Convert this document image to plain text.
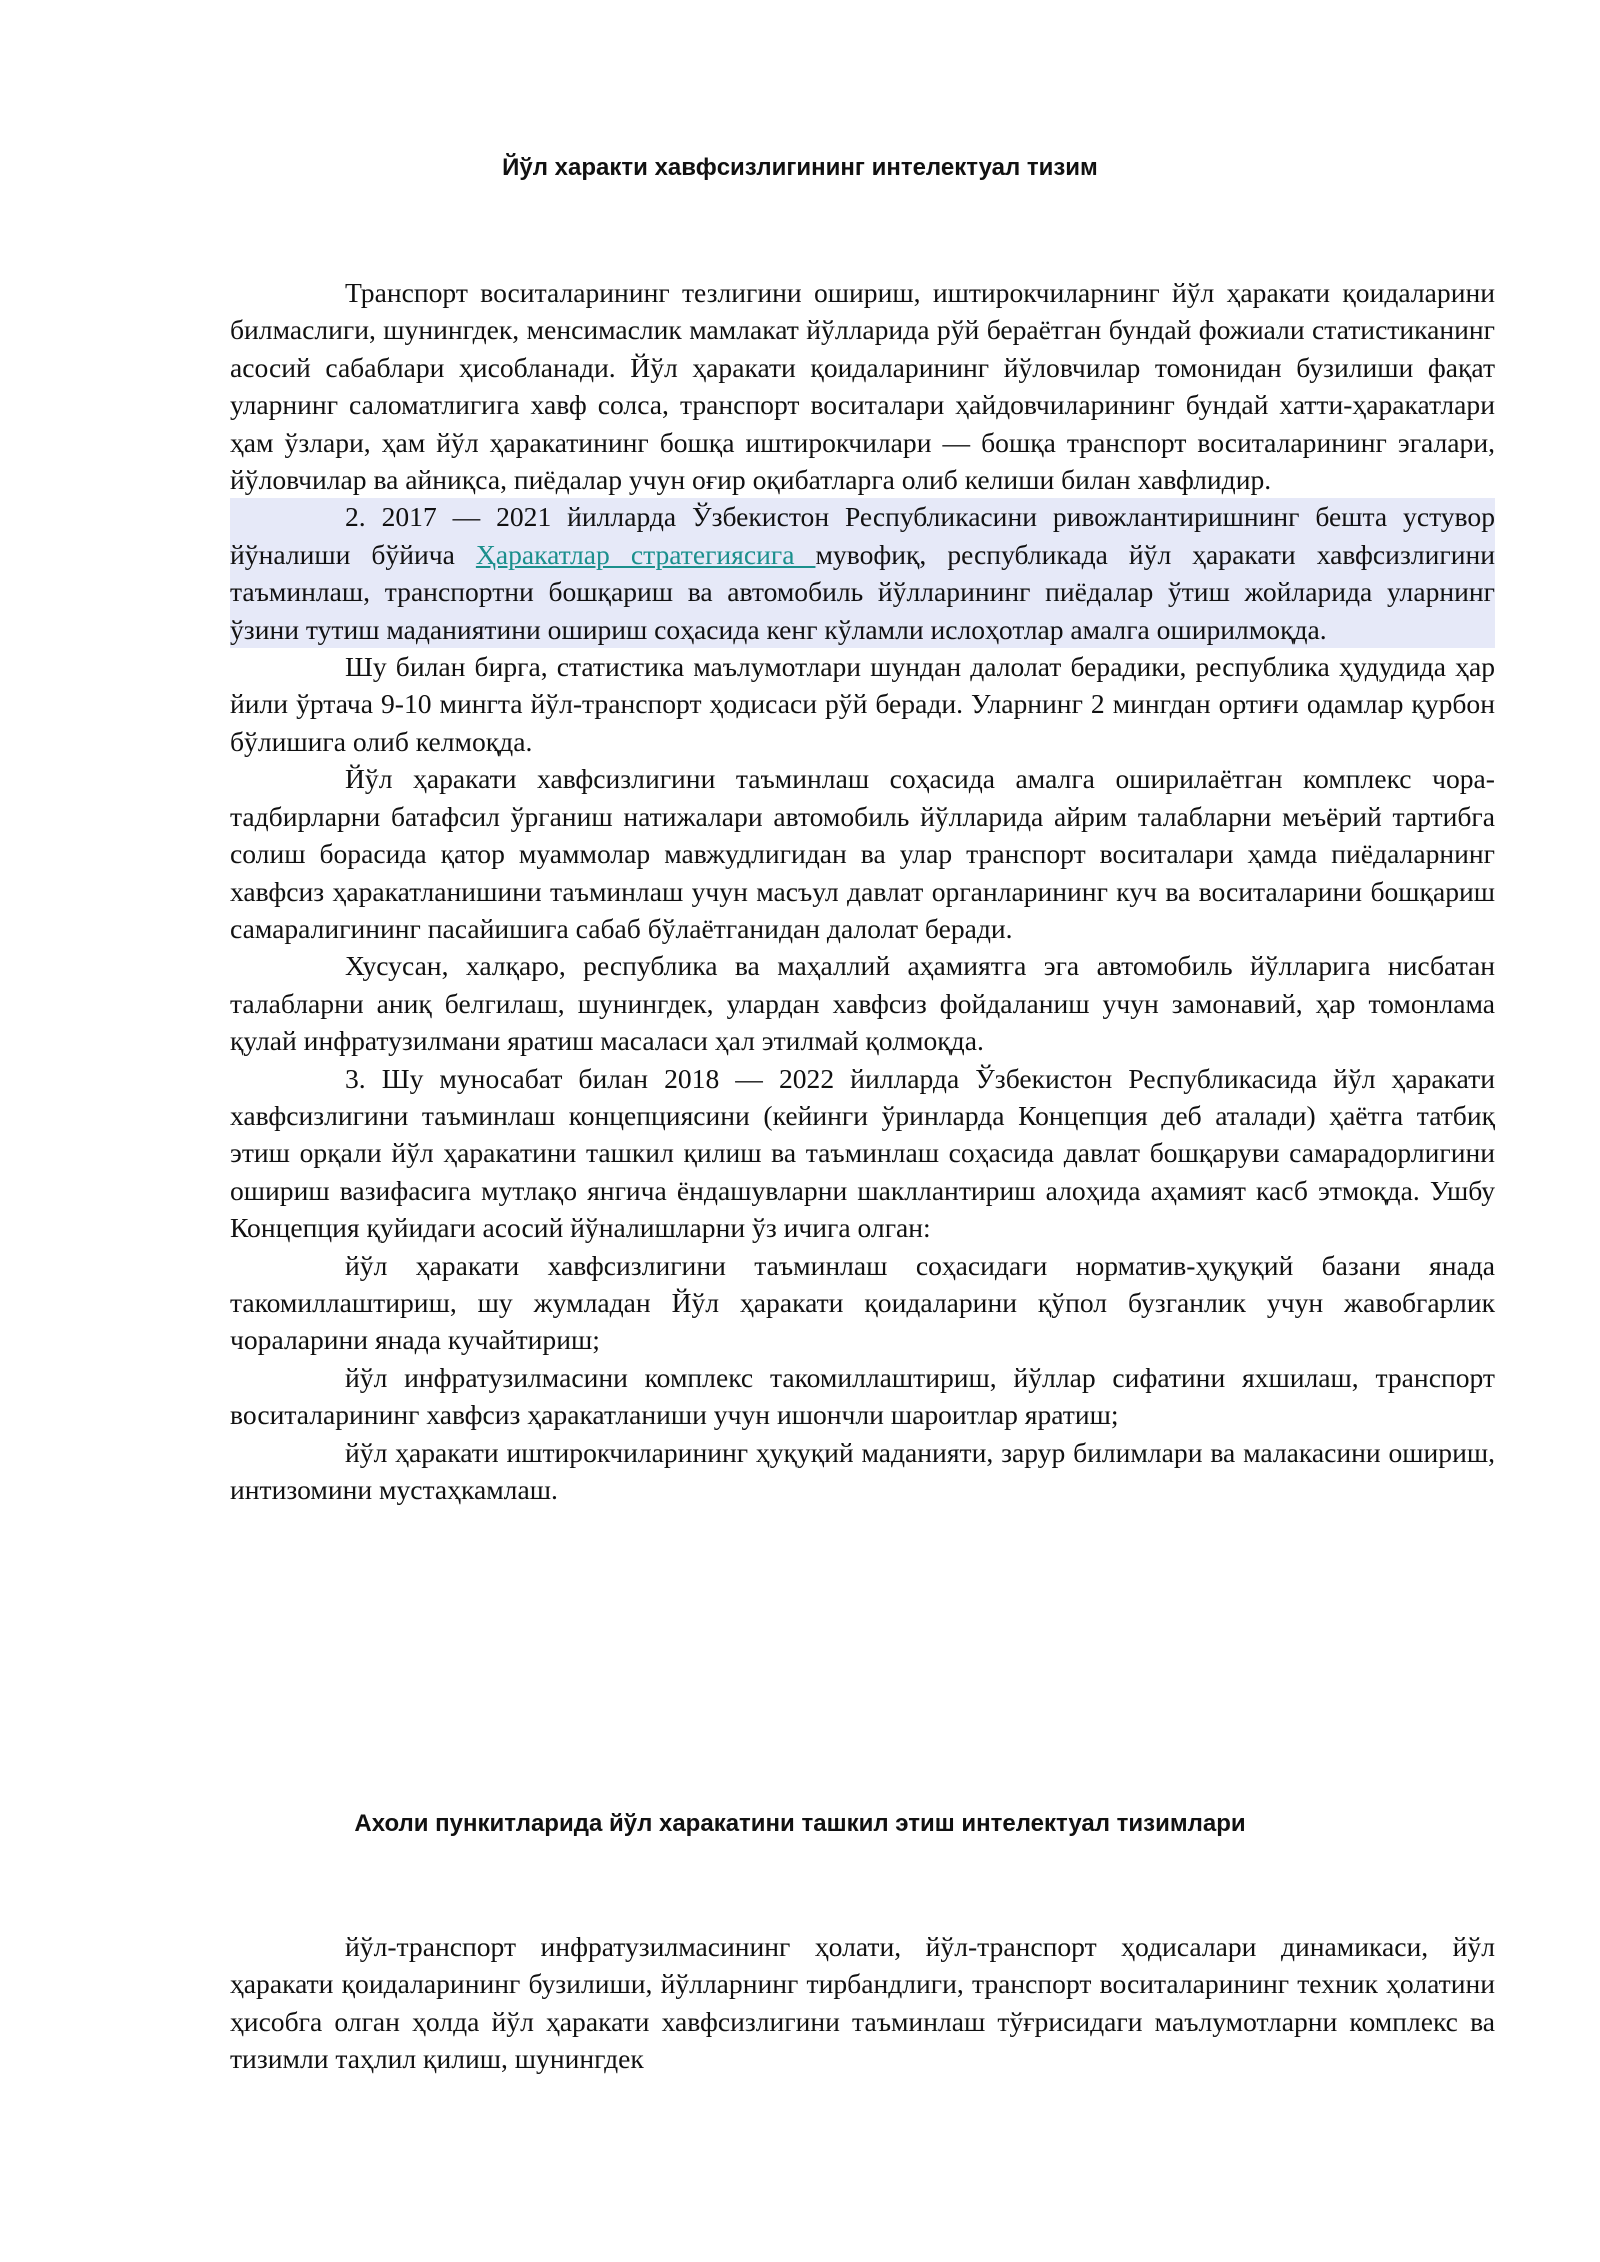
Йўл характи хавфсизлигининг интелектуал тизим

Транспорт воситаларининг тезлигини ошириш, иштирокчиларнинг йўл ҳаракати қоидаларини билмаслиги, шунингдек, менсимаслик мамлакат йўлларида рўй бераётган бундай фожиали статистиканинг асосий сабаблари ҳисобланади. Йўл ҳаракати қоидаларининг йўловчилар томонидан бузилиши фақат уларнинг саломатлигига хавф солса, транспорт воситалари ҳайдовчиларининг бундай хатти-ҳаракатлари ҳам ўзлари, ҳам йўл ҳаракатининг бошқа иштирокчилари — бошқа транспорт воситаларининг эгалари, йўловчилар ва айниқса, пиёдалар учун оғир оқибатларга олиб келиши билан хавфлидир.

2. 2017 — 2021 йилларда Ўзбекистон Республикасини ривожлантиришнинг бешта устувор йўналиши бўйича Ҳаракатлар стратегиясига мувофиқ, республикада йўл ҳаракати хавфсизлигини таъминлаш, транспортни бошқариш ва автомобиль йўлларининг пиёдалар ўтиш жойларида уларнинг ўзини тутиш маданиятини ошириш соҳасида кенг кўламли ислоҳотлар амалга оширилмоқда.

Шу билан бирга, статистика маълумотлари шундан далолат берадики, республика ҳудудида ҳар йили ўртача 9-10 мингта йўл-транспорт ҳодисаси рўй беради. Уларнинг 2 мингдан ортиғи одамлар қурбон бўлишига олиб келмоқда.

Йўл ҳаракати хавфсизлигини таъминлаш соҳасида амалга оширилаётган комплекс чора-тадбирларни батафсил ўрганиш натижалари автомобиль йўлларида айрим талабларни меъёрий тартибга солиш борасида қатор муаммолар мавжудлигидан ва улар транспорт воситалари ҳамда пиёдаларнинг хавфсиз ҳаракатланишини таъминлаш учун масъул давлат органларининг куч ва воситаларини бошқариш самаралигининг пасайишига сабаб бўлаётганидан далолат беради.

Хусусан, халқаро, республика ва маҳаллий аҳамиятга эга автомобиль йўлларига нисбатан талабларни аниқ белгилаш, шунингдек, улардан хавфсиз фойдаланиш учун замонавий, ҳар томонлама қулай инфратузилмани яратиш масаласи ҳал этилмай қолмоқда.

3. Шу муносабат билан 2018 — 2022 йилларда Ўзбекистон Республикасида йўл ҳаракати хавфсизлигини таъминлаш концепциясини (кейинги ўринларда Концепция деб аталади) ҳаётга татбиқ этиш орқали йўл ҳаракатини ташкил қилиш ва таъминлаш соҳасида давлат бошқаруви самарадорлигини ошириш вазифасига мутлақо янгича ёндашувларни шакллантириш алоҳида аҳамият касб этмоқда. Ушбу Концепция қуйидаги асосий йўналишларни ўз ичига олган:

йўл ҳаракати хавфсизлигини таъминлаш соҳасидаги норматив-ҳуқуқий базани янада такомиллаштириш, шу жумладан Йўл ҳаракати қоидаларини қўпол бузганлик учун жавобгарлик чораларини янада кучайтириш;

йўл инфратузилмасини комплекс такомиллаштириш, йўллар сифатини яхшилаш, транспорт воситаларининг хавфсиз ҳаракатланиши учун ишончли шароитлар яратиш;

йўл ҳаракати иштирокчиларининг ҳуқуқий маданияти, зарур билимлари ва малакасини ошириш, интизомини мустаҳкамлаш.

Ахоли пункитларида йўл харакатини ташкил этиш интелектуал тизимлари

йўл-транспорт инфратузилмасининг ҳолати, йўл-транспорт ҳодисалари динамикаси, йўл ҳаракати қоидаларининг бузилиши, йўлларнинг тирбандлиги, транспорт воситаларининг техник ҳолатини ҳисобга олган ҳолда йўл ҳаракати хавфсизлигини таъминлаш тўғрисидаги маълумотларни комплекс ва тизимли таҳлил қилиш, шунингдек
